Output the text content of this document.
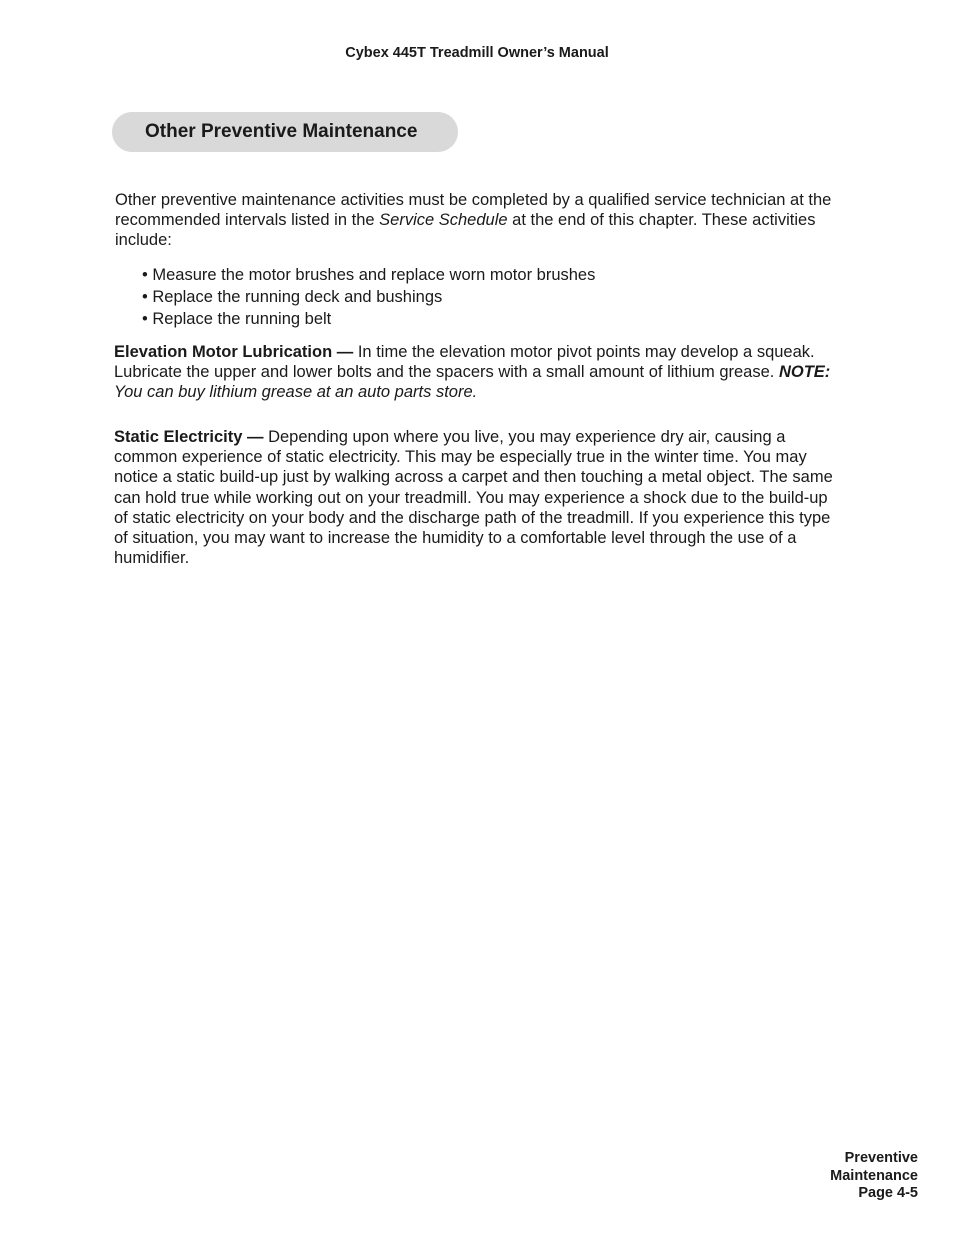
Cybex 445T Treadmill Owner’s Manual
Other Preventive Maintenance

Other preventive maintenance activities must be completed by a qualified service technician at the recommended intervals listed in the Service Schedule at the end of this chapter. These activities include:

• Measure the motor brushes and replace worn motor brushes
• Replace the running deck and bushings
• Replace the running belt

Elevation Motor Lubrication — In time the elevation motor pivot points may develop a squeak. Lubricate the upper and lower bolts and the spacers with a small amount of lithium grease. NOTE: You can buy lithium grease at an auto parts store.

Static Electricity — Depending upon where you live, you may experience dry air, causing a common experience of static electricity. This may be especially true in the winter time. You may notice a static build-up just by walking across a carpet and then touching a metal object. The same can hold true while working out on your treadmill. You may experience a shock due to the build-up of static electricity on your body and the discharge path of the treadmill. If you experience this type of situation, you may want to increase the humidity to a comfortable level through the use of a humidifier.

Preventive
Maintenance
Page 4-5
